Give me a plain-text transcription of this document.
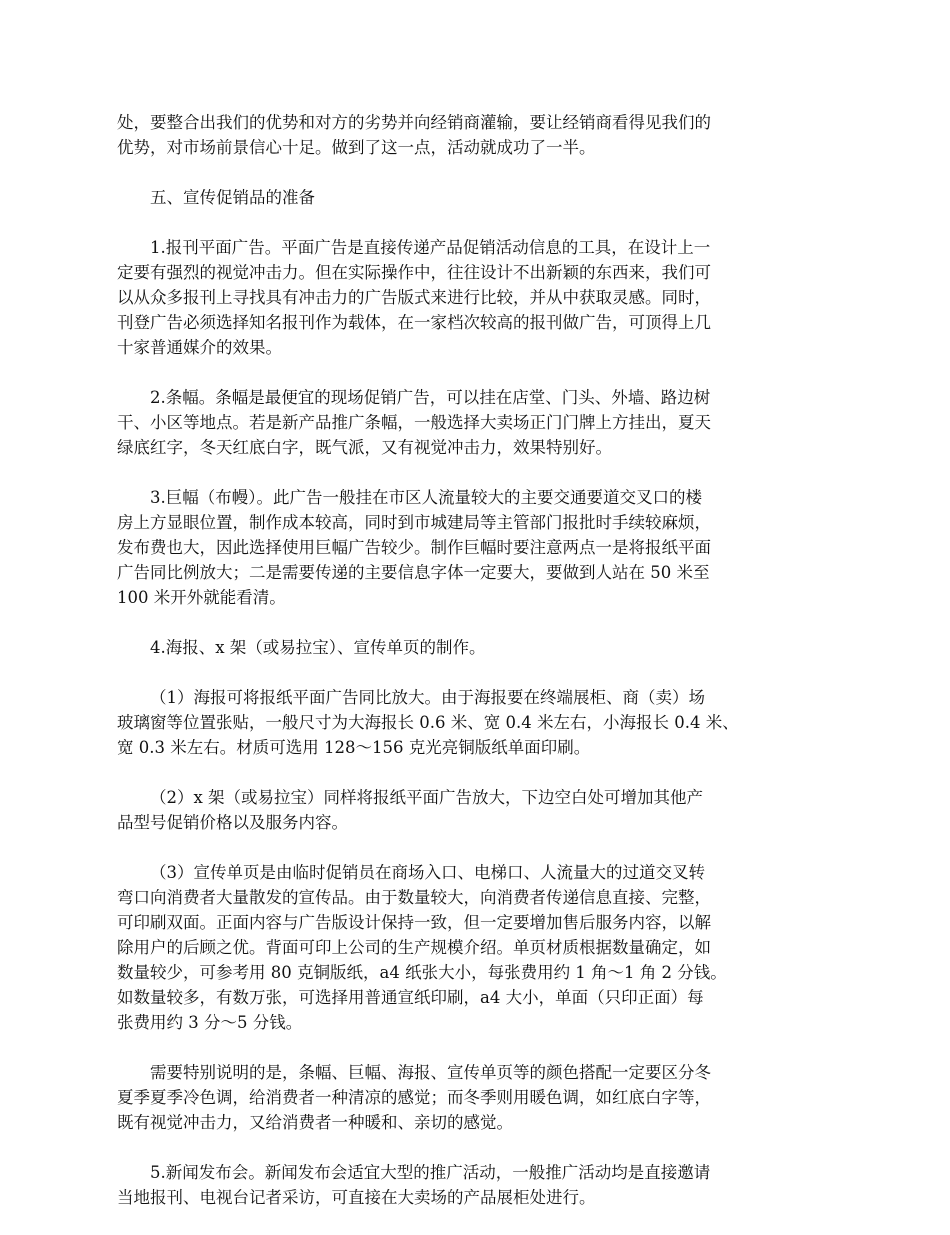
处，要整合出我们的优势和对方的劣势并向经销商灌输，要让经销商看得见我们的
优势，对市场前景信心十足。做到了这一点，活动就成功了一半。
五、宣传促销品的准备
1.报刊平面广告。平面广告是直接传递产品促销活动信息的工具，在设计上一
定要有强烈的视觉冲击力。但在实际操作中，往往设计不出新颖的东西来，我们可
以从众多报刊上寻找具有冲击力的广告版式来进行比较，并从中获取灵感。同时，
刊登广告必须选择知名报刊作为载体，在一家档次较高的报刊做广告，可顶得上几
十家普通媒介的效果。
2.条幅。条幅是最便宜的现场促销广告，可以挂在店堂、门头、外墙、路边树
干、小区等地点。若是新产品推广条幅，一般选择大卖场正门门牌上方挂出，夏天
绿底红字，冬天红底白字，既气派，又有视觉冲击力，效果特别好。
3.巨幅（布幔）。此广告一般挂在市区人流量较大的主要交通要道交叉口的楼
房上方显眼位置，制作成本较高，同时到市城建局等主管部门报批时手续较麻烦，
发布费也大，因此选择使用巨幅广告较少。制作巨幅时要注意两点一是将报纸平面
广告同比例放大；二是需要传递的主要信息字体一定要大，要做到人站在 50 米至
100 米开外就能看清。
4.海报、x 架（或易拉宝）、宣传单页的制作。
（1）海报可将报纸平面广告同比放大。由于海报要在终端展柜、商（卖）场
玻璃窗等位置张贴，一般尺寸为大海报长 0.6 米、宽 0.4 米左右，小海报长 0.4 米、
宽 0.3 米左右。材质可选用 128～156 克光亮铜版纸单面印刷。
（2）x 架（或易拉宝）同样将报纸平面广告放大，下边空白处可增加其他产
品型号促销价格以及服务内容。
（3）宣传单页是由临时促销员在商场入口、电梯口、人流量大的过道交叉转
弯口向消费者大量散发的宣传品。由于数量较大，向消费者传递信息直接、完整，
可印刷双面。正面内容与广告版设计保持一致，但一定要增加售后服务内容，以解
除用户的后顾之优。背面可印上公司的生产规模介绍。单页材质根据数量确定，如
数量较少，可参考用 80 克铜版纸，a4 纸张大小，每张费用约 1 角～1 角 2 分钱。
如数量较多，有数万张，可选择用普通宣纸印刷，a4 大小，单面（只印正面）每
张费用约 3 分～5 分钱。
需要特别说明的是，条幅、巨幅、海报、宣传单页等的颜色搭配一定要区分冬
夏季夏季冷色调，给消费者一种清凉的感觉；而冬季则用暖色调，如红底白字等，
既有视觉冲击力，又给消费者一种暖和、亲切的感觉。
5.新闻发布会。新闻发布会适宜大型的推广活动，一般推广活动均是直接邀请
当地报刊、电视台记者采访，可直接在大卖场的产品展柜处进行。
